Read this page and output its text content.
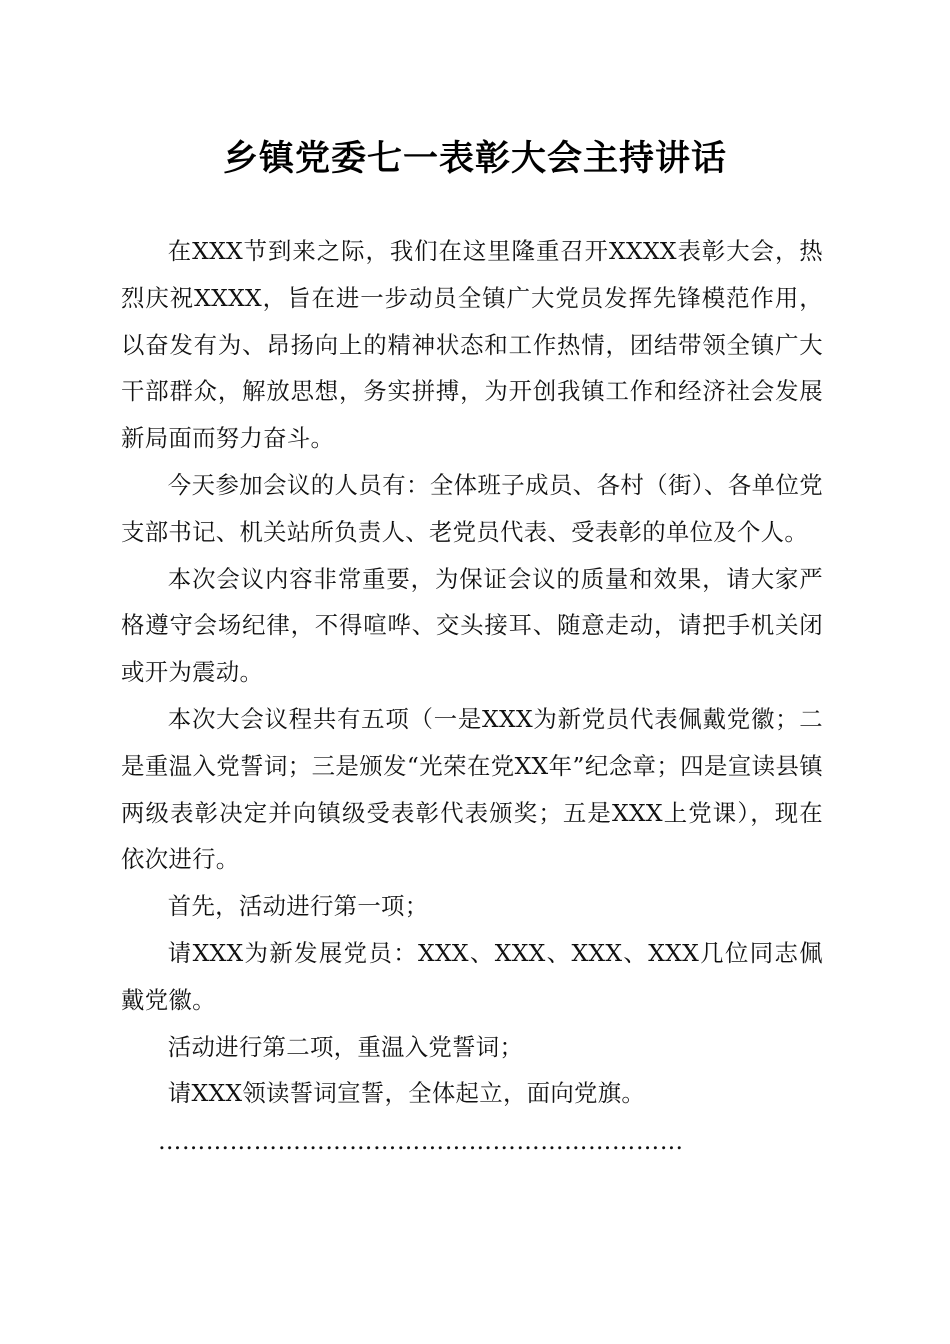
乡镇党委七一表彰大会主持讲话

在XXX节到来之际，我们在这里隆重召开XXXX表彰大会，热烈庆祝XXXX，旨在进一步动员全镇广大党员发挥先锋模范作用，以奋发有为、昂扬向上的精神状态和工作热情，团结带领全镇广大干部群众，解放思想，务实拼搏，为开创我镇工作和经济社会发展新局面而努力奋斗。

今天参加会议的人员有：全体班子成员、各村（街）、各单位党支部书记、机关站所负责人、老党员代表、受表彰的单位及个人。

本次会议内容非常重要，为保证会议的质量和效果，请大家严格遵守会场纪律，不得喧哗、交头接耳、随意走动，请把手机关闭或开为震动。

本次大会议程共有五项（一是XXX为新党员代表佩戴党徽；二是重温入党誓词；三是颁发“光荣在党XX年”纪念章；四是宣读县镇两级表彰决定并向镇级受表彰代表颁奖；五是XXX上党课），现在依次进行。

首先，活动进行第一项；

请XXX为新发展党员：XXX、XXX、XXX、XXX几位同志佩戴党徽。

活动进行第二项，重温入党誓词；

请XXX领读誓词宣誓，全体起立，面向党旗。

…………………………………………………………
